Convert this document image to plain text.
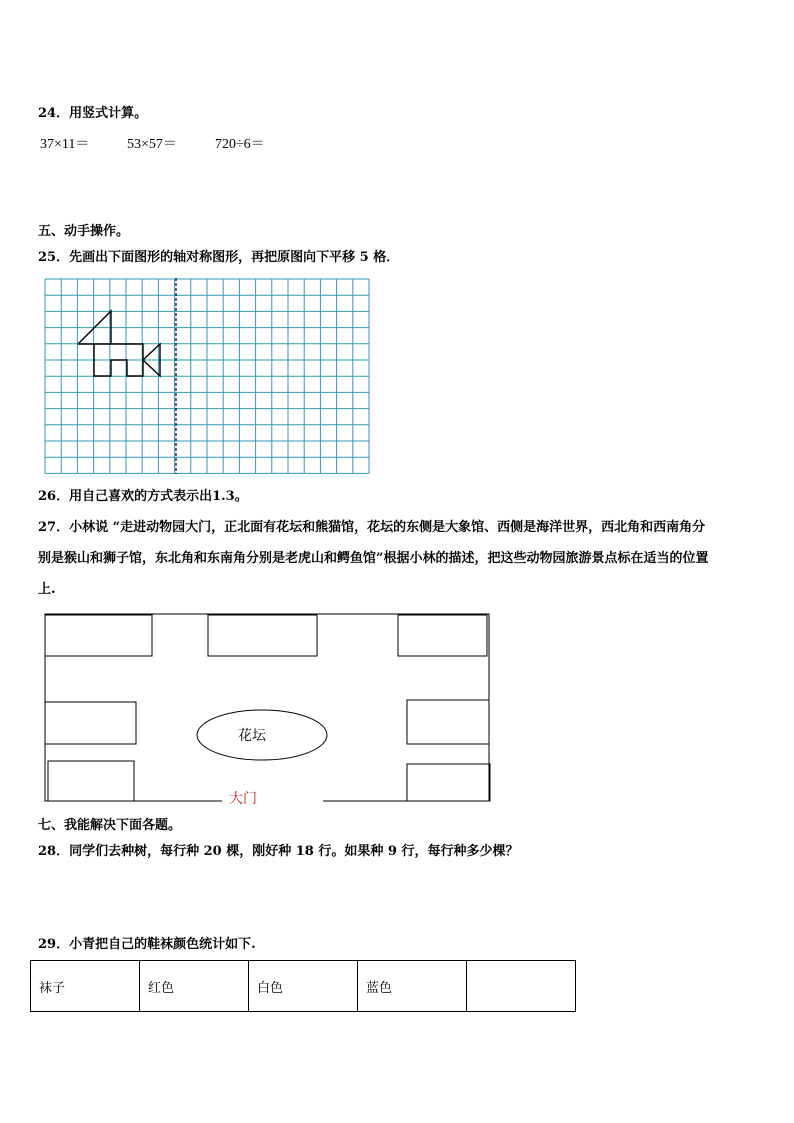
24．用竖式计算。
37×11＝	53×57＝	720÷6＝
五、动手操作。
25．先画出下面图形的轴对称图形，再把原图向下平移 5 格．
26．用自己喜欢的方式表示出1.3。
27．小林说 “走进动物园大门，正北面有花坛和熊猫馆，花坛的东侧是大象馆、西侧是海洋世界，西北角和西南角分
别是猴山和狮子馆，东北角和东南角分别是老虎山和鳄鱼馆”根据小林的描述，把这些动物园旅游景点标在适当的位置
上.
花坛
大门
七、我能解决下面各题。
28．同学们去种树，每行种 20 棵，刚好种 18 行。如果种 9 行，每行种多少棵？
29．小青把自己的鞋袜颜色统计如下.
袜子	红色	白色	蓝色	
